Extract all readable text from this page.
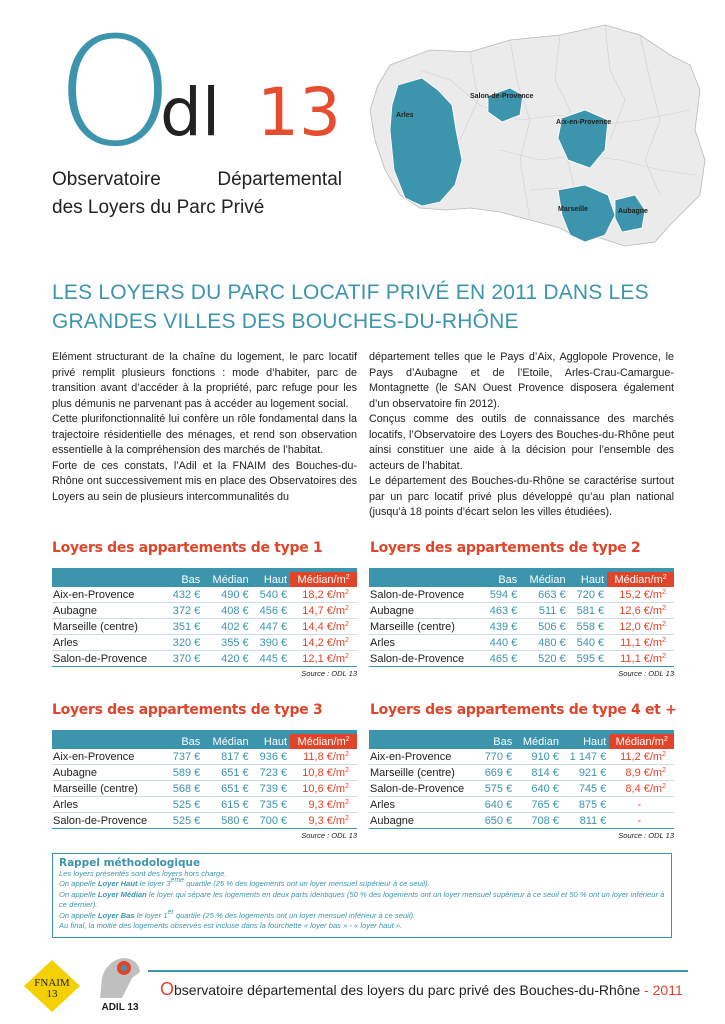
O
dl 13
Observatoire Départemental
des Loyers du Parc Privé
Salon-de-Provence
Arles
Aix-en-Provence
Marseille	Aubagne
LES LOYERS DU PARC LOCATIF PRIVÉ EN 2011 DANS LES GRANDES VILLES DES BOUCHES-DU-RHÔNE

Elément structurant de la chaîne du logement, le parc locatif privé remplit plusieurs fonctions : mode d’habiter, parc de transition avant d’accéder à la propriété, parc refuge pour les plus démunis ne parvenant pas à accéder au logement social.

Cette plurifonctionnalité lui confère un rôle fondamental dans la trajectoire résidentielle des ménages, et rend son observation essentielle à la compréhension des marchés de l’habitat.

Forte de ces constats, l’Adil et la FNAIM des Bouches-du-Rhône ont successivement mis en place des Observatoires des Loyers au sein de plusieurs intercommunalités du

département telles que le Pays d’Aix, Agglopole Provence, le Pays d’Aubagne et de l’Etoile, Arles-Crau-Camargue-Montagnette (le SAN Ouest Provence disposera également d’un observatoire fin 2012).

Conçus comme des outils de connaissance des marchés locatifs, l’Observatoire des Loyers des Bouches-du-Rhône peut ainsi constituer une aide à la décision pour l’ensemble des acteurs de l’habitat.

Le département des Bouches-du-Rhône se caractérise surtout par un parc locatif privé plus développé qu’au plan national (jusqu’à 18 points d’écart selon les villes étudiées).

Loyers des appartements de type 1	Loyers des appartements de type 2
Loyers des appartements de type 3	Loyers des appartements de type 4 et +
	Bas	Médian	Haut	Médian/$m^2$
Aix-en-Provence	432 €	490 €	540 €	18,2 $€/m^2$
Aubagne	372 €	408 €	456 €	14,7 $€/m^2$
Marseille (centre)	351 €	402 €	447 €	14,4 $€/m^2$
Arles	320 €	355 €	390 €	14,2 $€/m^2$
Salon-de-Provence	370 €	420 €	445 €	12,1 $€/m^2$
Source : ODL 13
	Bas	Médian	Haut	Médian/$m^2$
Salon-de-Provence	594 €	663 €	720 €	15,2 $€/m^2$
Aubagne	463 €	511 €	581 €	12,6 $€/m^2$
Marseille (centre)	439 €	506 €	558 €	12,0 $€/m^2$
Arles	440 €	480 €	540 €	11,1 $€/m^2$
Salon-de-Provence	465 €	520 €	595 €	11,1 $€/m^2$
Source : ODL 13
	Bas	Médian	Haut	Médian/$m^2$
Aix-en-Provence	737 €	817 €	936 €	11,8 $€/m^2$
Aubagne	589 €	651 €	723 €	10,8 $€/m^2$
Marseille (centre)	568 €	651 €	739 €	10,6 $€/m^2$
Arles	525 €	615 €	735 €	9,3 $€/m^2$
Salon-de-Provence	525 €	580 €	700 €	9,3 $€/m^2$
Source : ODL 13
	Bas	Médian	Haut	Médian/$m^2$
Aix-en-Provence	770 €	910 €	1 147 €	11,2 $€/m^2$
Marseille (centre)	669 €	814 €	921 €	8,9 $€/m^2$
Salon-de-Provence	575 €	640 €	745 €	8,4 $€/m^2$
Arles	640 €	765 €	875 €	-
Aubagne	650 €	708 €	811 €	-
Source : ODL 13
Rappel méthodologique
Les loyers présentés sont des loyers hors charge.
On appelle Loyer Haut le loyer 3ème quartile (25 % des logements ont un loyer mensuel supérieur à ce seuil).
On appelle Loyer Médian le loyer qui sépare les logements en deux parts identiques (50 % des logements ont un loyer mensuel supérieur à ce seuil et 50 % ont un loyer inférieur à ce dernier).
On appelle Loyer Bas le loyer 1er quartile (25 % des logements ont un loyer mensuel inférieur à ce seuil).
Au final, la moitié des logements observés est incluse dans la fourchette « loyer bas » - « loyer haut ».
FNAIM
13
ADIL 13
Observatoire départemental des loyers du parc privé des Bouches-du-Rhône - 2011
